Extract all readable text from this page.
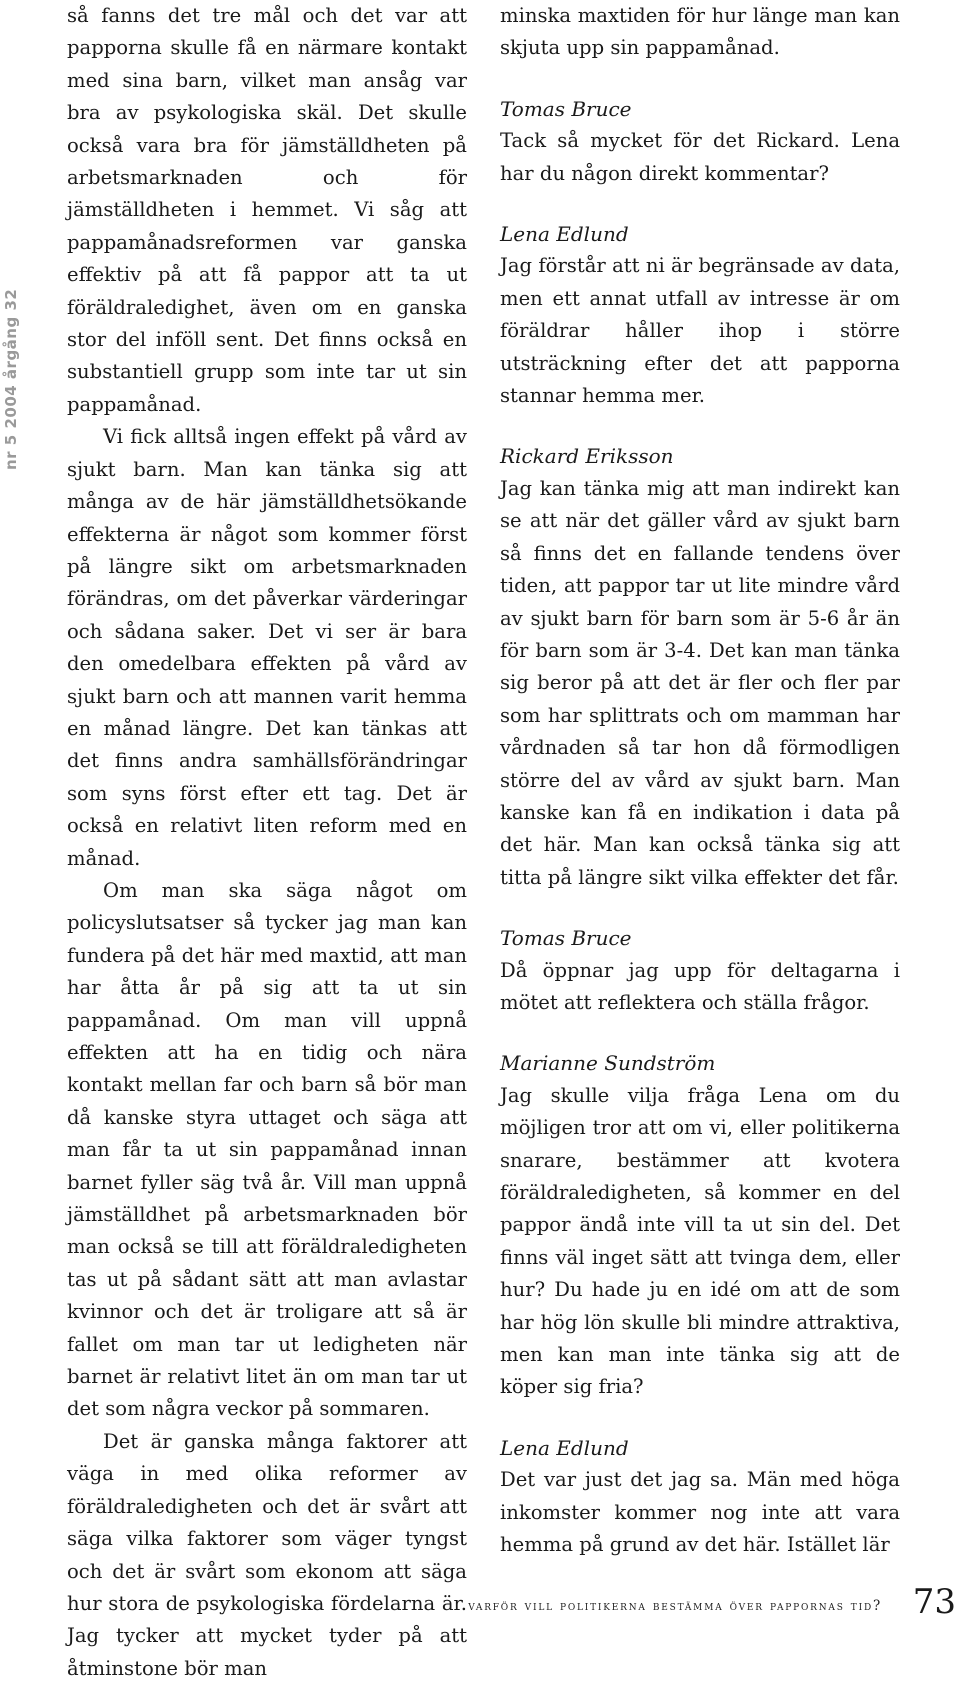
nr 5 2004 årgång 32

så fanns det tre mål och det var att papporna skulle få en närmare kontakt med sina barn, vilket man ansåg var bra av psykologiska skäl. Det skulle också vara bra för jämställdheten på arbetsmarknaden och för jämställdheten i hemmet. Vi såg att pappamånadsreformen var ganska effektiv på att få pappor att ta ut föräldraledighet, även om en ganska stor del inföll sent. Det finns också en substantiell grupp som inte tar ut sin pappamånad.

Vi fick alltså ingen effekt på vård av sjukt barn. Man kan tänka sig att många av de här jämställdhetsökande effekterna är något som kommer först på längre sikt om arbetsmarknaden förändras, om det påverkar värderingar och sådana saker. Det vi ser är bara den omedelbara effekten på vård av sjukt barn och att mannen varit hemma en månad längre. Det kan tänkas att det finns andra samhällsförändringar som syns först efter ett tag. Det är också en relativt liten reform med en månad.

Om man ska säga något om policyslutsatser så tycker jag man kan fundera på det här med maxtid, att man har åtta år på sig att ta ut sin pappamånad. Om man vill uppnå effekten att ha en tidig och nära kontakt mellan far och barn så bör man då kanske styra uttaget och säga att man får ta ut sin pappamånad innan barnet fyller säg två år. Vill man uppnå jämställdhet på arbetsmarknaden bör man också se till att föräldraledigheten tas ut på sådant sätt att man avlastar kvinnor och det är troligare att så är fallet om man tar ut ledigheten när barnet är relativt litet än om man tar ut det som några veckor på sommaren.

Det är ganska många faktorer att väga in med olika reformer av föräldraledigheten och det är svårt att säga vilka faktorer som väger tyngst och det är svårt som ekonom att säga hur stora de psykologiska fördelarna är. Jag tycker att mycket tyder på att åtminstone bör man

minska maxtiden för hur länge man kan skjuta upp sin pappamånad.

Tomas Bruce

Tack så mycket för det Rickard. Lena har du någon direkt kommentar?

Lena Edlund

Jag förstår att ni är begränsade av data, men ett annat utfall av intresse är om föräldrar håller ihop i större utsträckning efter det att papporna stannar hemma mer.

Rickard Eriksson

Jag kan tänka mig att man indirekt kan se att när det gäller vård av sjukt barn så finns det en fallande tendens över tiden, att pappor tar ut lite mindre vård av sjukt barn för barn som är 5-6 år än för barn som är 3-4. Det kan man tänka sig beror på att det är fler och fler par som har splittrats och om mamman har vårdnaden så tar hon då förmodligen större del av vård av sjukt barn. Man kanske kan få en indikation i data på det här. Man kan också tänka sig att titta på längre sikt vilka effekter det får.

Tomas Bruce

Då öppnar jag upp för deltagarna i mötet att reflektera och ställa frågor.

Marianne Sundström

Jag skulle vilja fråga Lena om du möjligen tror att om vi, eller politikerna snarare, bestämmer att kvotera föräldraledigheten, så kommer en del pappor ändå inte vill ta ut sin del. Det finns väl inget sätt att tvinga dem, eller hur? Du hade ju en idé om att de som har hög lön skulle bli mindre attraktiva, men kan man inte tänka sig att de köper sig fria?

Lena Edlund

Det var just det jag sa. Män med höga inkomster kommer nog inte att vara hemma på grund av det här. Istället lär

varför vill politikerna bestämma över pappornas tid? 73
